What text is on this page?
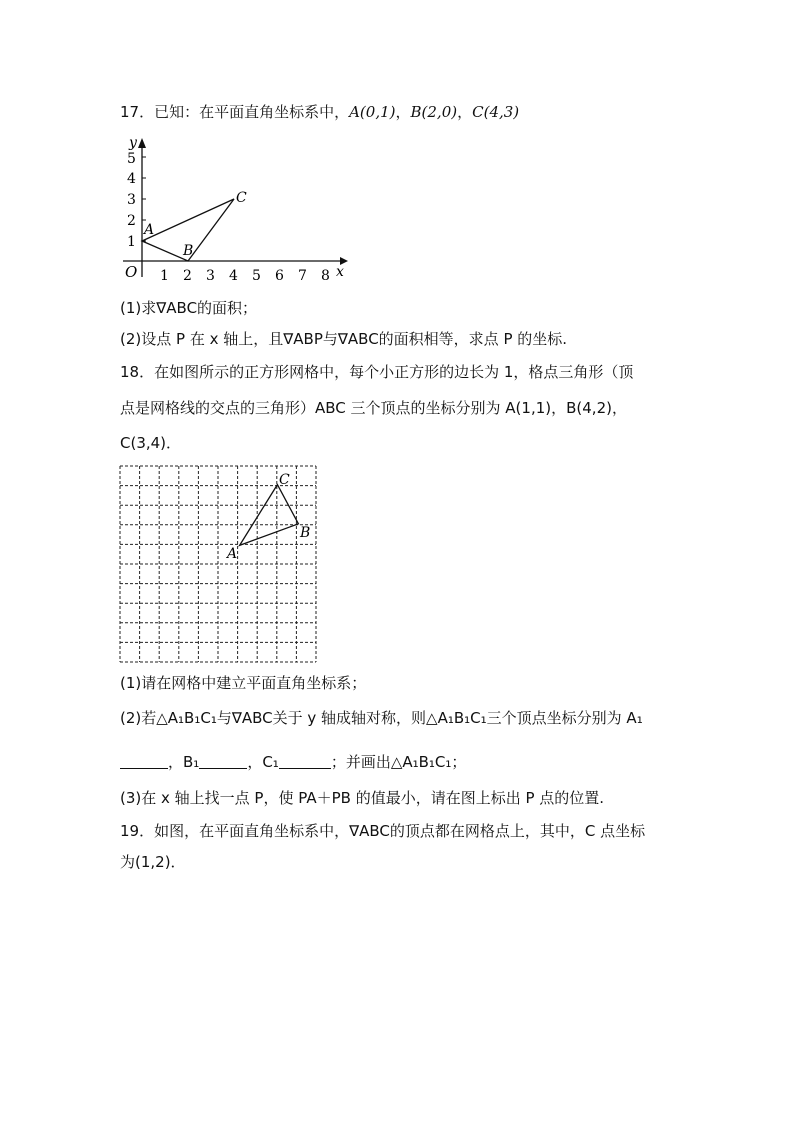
17．已知：在平面直角坐标系中，A(0,1)，B(2,0)，C(4,3)
O	x
y
1 2 3 4 5 6 7 8
1
2
3
4
5
A
B
C
(1)求∇ABC的面积；
(2)设点 P 在 x 轴上，且∇ABP与∇ABC的面积相等，求点 P 的坐标.
18．在如图所示的正方形网格中，每个小正方形的边长为 1，格点三角形（顶
点是网格线的交点的三角形）ABC 三个顶点的坐标分别为 A(1,1)，B(4,2)，
C(3,4)．
A
B
C
(1)请在网格中建立平面直角坐标系；
(2)若△A₁B₁C₁与∇ABC关于 y 轴成轴对称，则△A₁B₁C₁三个顶点坐标分别为 A₁
，B₁	，C₁	；并画出△A₁B₁C₁；
(3)在 x 轴上找一点 P，使 PA＋PB 的值最小，请在图上标出 P 点的位置.
19．如图，在平面直角坐标系中，∇ABC的顶点都在网格点上，其中，C 点坐标
为(1,2)．
